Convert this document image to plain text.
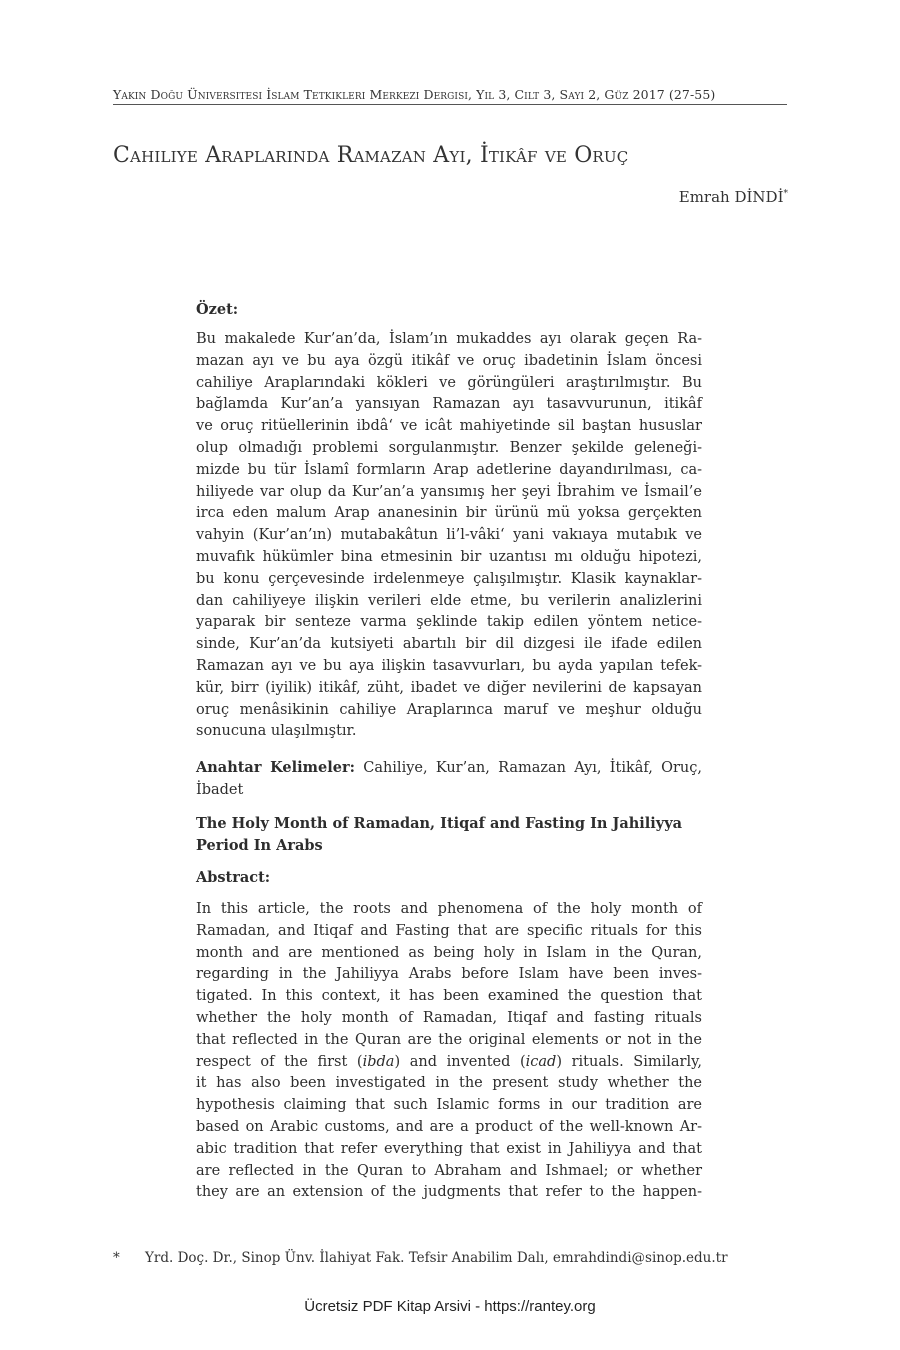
Yakın Doğu Üniversitesi İslam Tetkikleri Merkezi Dergisi, Yıl 3, Cilt 3, Sayı 2, Güz 2017 (27-55)
Cahiliye Araplarında Ramazan Ayı, İtikâf ve Oruç
Emrah DİNDİ*
Özet:
Bu makalede Kur’an’da, İslam’ın mukaddes ayı olarak geçen Ra-
mazan ayı ve bu aya özgü itikâf ve oruç ibadetinin İslam öncesi
cahiliye Araplarındaki kökleri ve görüngüleri araştırılmıştır. Bu
bağlamda Kur’an’a yansıyan Ramazan ayı tasavvurunun, itikâf
ve oruç ritüellerinin ibdâ‘ ve icât mahiyetinde sil baştan hususlar
olup olmadığı problemi sorgulanmıştır. Benzer şekilde geleneği-
mizde bu tür İslamî formların Arap adetlerine dayandırılması, ca-
hiliyede var olup da Kur’an’a yansımış her şeyi İbrahim ve İsmail’e
irca eden malum Arap ananesinin bir ürünü mü yoksa gerçekten
vahyin (Kur’an’ın) mutabakâtun li’l-vâki‘ yani vakıaya mutabık ve
muvafık hükümler bina etmesinin bir uzantısı mı olduğu hipotezi,
bu konu çerçevesinde irdelenmeye çalışılmıştır. Klasik kaynaklar-
dan cahiliyeye ilişkin verileri elde etme, bu verilerin analizlerini
yaparak bir senteze varma şeklinde takip edilen yöntem netice-
sinde, Kur’an’da kutsiyeti abartılı bir dil dizgesi ile ifade edilen
Ramazan ayı ve bu aya ilişkin tasavvurları, bu ayda yapılan tefek-
kür, birr (iyilik) itikâf, züht, ibadet ve diğer nevilerini de kapsayan
oruç menâsikinin cahiliye Araplarınca maruf ve meşhur olduğu
sonucuna ulaşılmıştır.
Anahtar Kelimeler: Cahiliye, Kur’an, Ramazan Ayı, İtikâf, Oruç,
İbadet
The Holy Month of Ramadan, Itiqaf and Fasting In Jahiliyya
Period In Arabs
Abstract:
In this article, the roots and phenomena of the holy month of
Ramadan, and Itiqaf and Fasting that are specific rituals for this
month and are mentioned as being holy in Islam in the Quran,
regarding in the Jahiliyya Arabs before Islam have been inves-
tigated. In this context, it has been examined the question that
whether the holy month of Ramadan, Itiqaf and fasting rituals
that reflected in the Quran are the original elements or not in the
respect of the first (ibda) and invented (icad) rituals. Similarly,
it has also been investigated in the present study whether the
hypothesis claiming that such Islamic forms in our tradition are
based on Arabic customs, and are a product of the well-known Ar-
abic tradition that refer everything that exist in Jahiliyya and that
are reflected in the Quran to Abraham and Ishmael; or whether
they are an extension of the judgments that refer to the happen-
* Yrd. Doç. Dr., Sinop Ünv. İlahiyat Fak. Tefsir Anabilim Dalı, emrahdindi@sinop.edu.tr
Ücretsiz PDF Kitap Arsivi - https://rantey.org
